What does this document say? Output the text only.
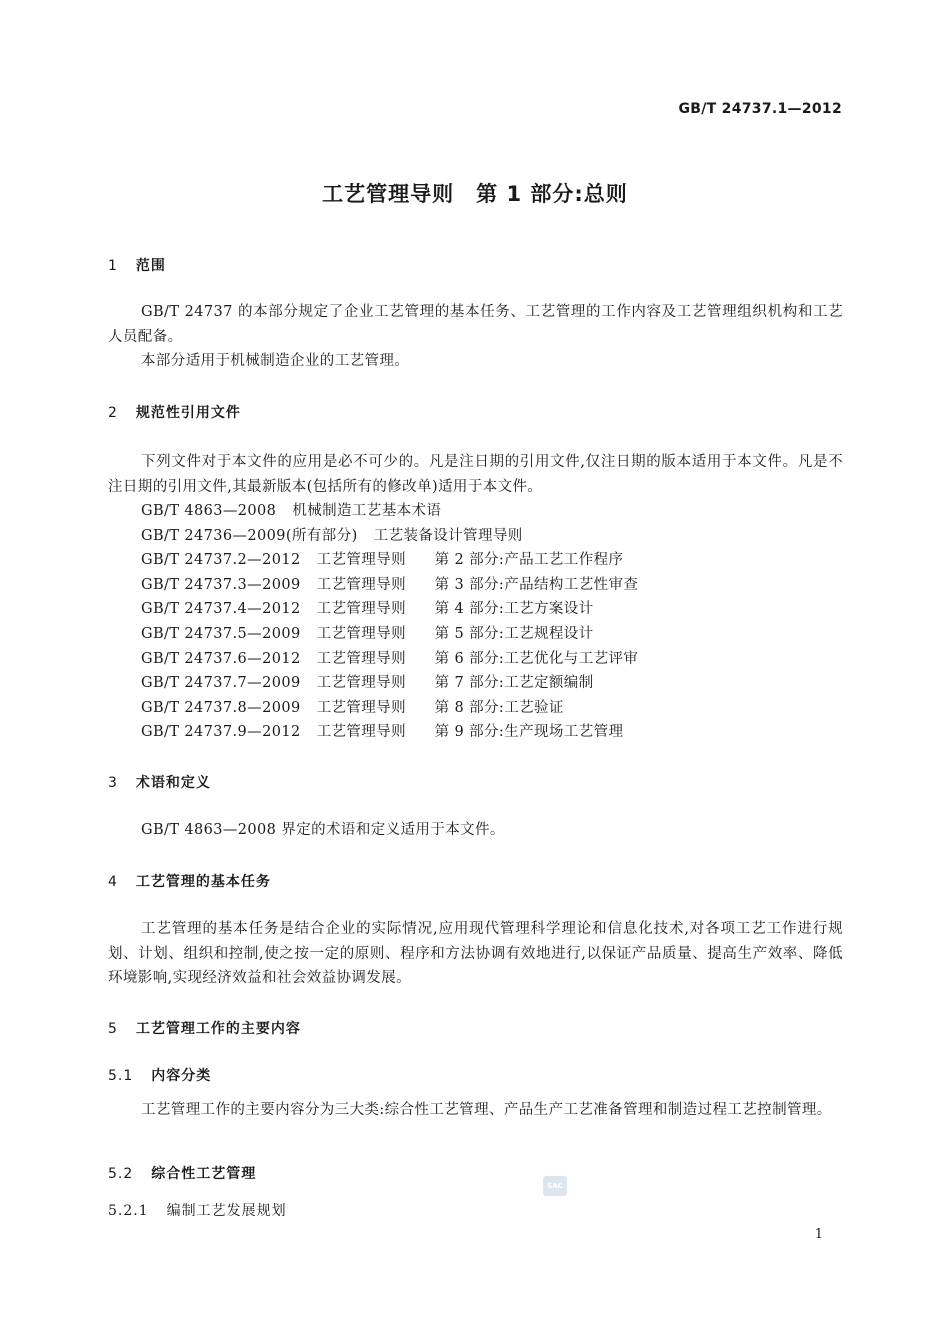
GB/T 24737.1—2012
工艺管理导则　第 1 部分:总则
1 范围
GB/T 24737 的本部分规定了企业工艺管理的基本任务、工艺管理的工作内容及工艺管理组织机构和工艺人员配备。
本部分适用于机械制造企业的工艺管理。
2 规范性引用文件
下列文件对于本文件的应用是必不可少的。凡是注日期的引用文件,仅注日期的版本适用于本文件。凡是不注日期的引用文件,其最新版本(包括所有的修改单)适用于本文件。
GB/T 4863—2008 机械制造工艺基本术语
GB/T 24736—2009(所有部分) 工艺装备设计管理导则
GB/T 24737.2—2012 工艺管理导则 第 2 部分:产品工艺工作程序
GB/T 24737.3—2009 工艺管理导则 第 3 部分:产品结构工艺性审查
GB/T 24737.4—2012 工艺管理导则 第 4 部分:工艺方案设计
GB/T 24737.5—2009 工艺管理导则 第 5 部分:工艺规程设计
GB/T 24737.6—2012 工艺管理导则 第 6 部分:工艺优化与工艺评审
GB/T 24737.7—2009 工艺管理导则 第 7 部分:工艺定额编制
GB/T 24737.8—2009 工艺管理导则 第 8 部分:工艺验证
GB/T 24737.9—2012 工艺管理导则 第 9 部分:生产现场工艺管理
3 术语和定义
GB/T 4863—2008 界定的术语和定义适用于本文件。
4 工艺管理的基本任务
工艺管理的基本任务是结合企业的实际情况,应用现代管理科学理论和信息化技术,对各项工艺工作进行规划、计划、组织和控制,使之按一定的原则、程序和方法协调有效地进行,以保证产品质量、提高生产效率、降低环境影响,实现经济效益和社会效益协调发展。
5 工艺管理工作的主要内容
5.1 内容分类
工艺管理工作的主要内容分为三大类:综合性工艺管理、产品生产工艺准备管理和制造过程工艺控制管理。
5.2 综合性工艺管理
5.2.1 编制工艺发展规划
SAC
1
